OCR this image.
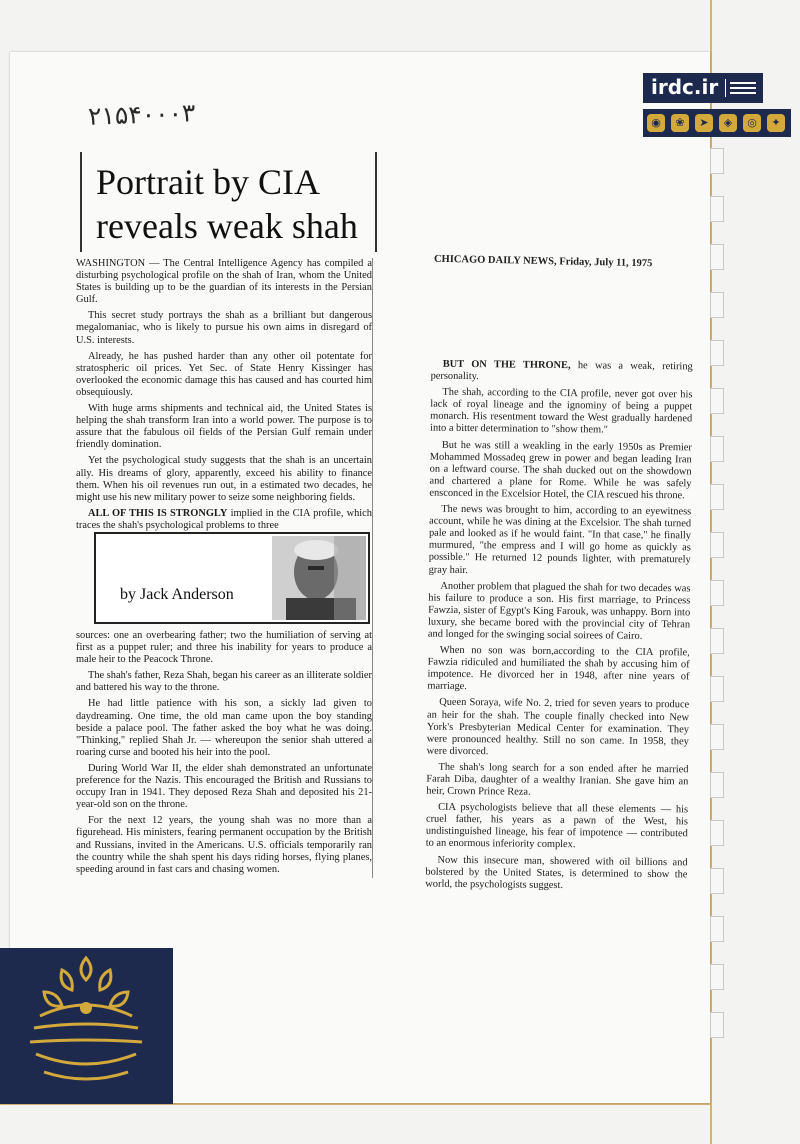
۲۱۵۴۰۰۰۳
Portrait by CIA reveals weak shah

WASHINGTON — The Central Intelligence Agency has compiled a disturbing psychological profile on the shah of Iran, whom the United States is building up to be the guardian of its interests in the Persian Gulf.

This secret study portrays the shah as a brilliant but dangerous megalomaniac, who is likely to pursue his own aims in disregard of U.S. interests.

Already, he has pushed harder than any other oil potentate for stratospheric oil prices. Yet Sec. of State Henry Kissinger has overlooked the economic damage this has caused and has courted him obsequiously.

With huge arms shipments and technical aid, the United States is helping the shah transform Iran into a world power. The purpose is to assure that the fabulous oil fields of the Persian Gulf remain under friendly domination.

Yet the psychological study suggests that the shah is an uncertain ally. His dreams of glory, apparently, exceed his ability to finance them. When his oil revenues run out, in a estimated two decades, he might use his new military power to seize some neighboring fields.

ALL OF THIS IS STRONGLY implied in the CIA profile, which traces the shah's psychological problems to three

by Jack Anderson

sources: one an overbearing father; two the humiliation of serving at first as a puppet ruler; and three his inability for years to produce a male heir to the Peacock Throne.

The shah's father, Reza Shah, began his career as an illiterate soldier and battered his way to the throne.

He had little patience with his son, a sickly lad given to daydreaming. One time, the old man came upon the boy standing beside a palace pool. The father asked the boy what he was doing. "Thinking," replied Shah Jr. — whereupon the senior shah uttered a roaring curse and booted his heir into the pool.

During World War II, the elder shah demonstrated an unfortunate preference for the Nazis. This encouraged the British and Russians to occupy Iran in 1941. They deposed Reza Shah and deposited his 21-year-old son on the throne.

For the next 12 years, the young shah was no more than a figurehead. His ministers, fearing permanent occupation by the British and Russians, invited in the Americans. U.S. officials temporarily ran the country while the shah spent his days riding horses, flying planes, speeding around in fast cars and chasing women.

CHICAGO DAILY NEWS, Friday, July 11, 1975

BUT ON THE THRONE, he was a weak, retiring personality.

The shah, according to the CIA profile, never got over his lack of royal lineage and the ignominy of being a puppet monarch. His resentment toward the West gradually hardened into a bitter determination to "show them."

But he was still a weakling in the early 1950s as Premier Mohammed Mossadeq grew in power and began leading Iran on a leftward course. The shah ducked out on the showdown and chartered a plane for Rome. While he was safely ensconced in the Excelsior Hotel, the CIA rescued his throne.

The news was brought to him, according to an eyewitness account, while he was dining at the Excelsior. The shah turned pale and looked as if he would faint. "In that case," he finally murmured, "the empress and I will go home as quickly as possible." He returned 12 pounds lighter, with prematurely gray hair.

Another problem that plagued the shah for two decades was his failure to produce a son. His first marriage, to Princess Fawzia, sister of Egypt's King Farouk, was unhappy. Born into luxury, she became bored with the provincial city of Tehran and longed for the swinging social soirees of Cairo.

When no son was born,according to the CIA profile, Fawzia ridiculed and humiliated the shah by accusing him of impotence. He divorced her in 1948, after nine years of marriage.

Queen Soraya, wife No. 2, tried for seven years to produce an heir for the shah. The couple finally checked into New York's Presbyterian Medical Center for examination. They were pronounced healthy. Still no son came. In 1958, they were divorced.

The shah's long search for a son ended after he married Farah Diba, daughter of a wealthy Iranian. She gave him an heir, Crown Prince Reza.

CIA psychologists believe that all these elements — his cruel father, his years as a pawn of the West, his undistinguished lineage, his fear of impotence — contributed to an enormous inferiority complex.

Now this insecure man, showered with oil billions and bolstered by the United States, is determined to show the world, the psychologists suggest.

irdc.ir
◉	❀	➤	◈	◎	✦
